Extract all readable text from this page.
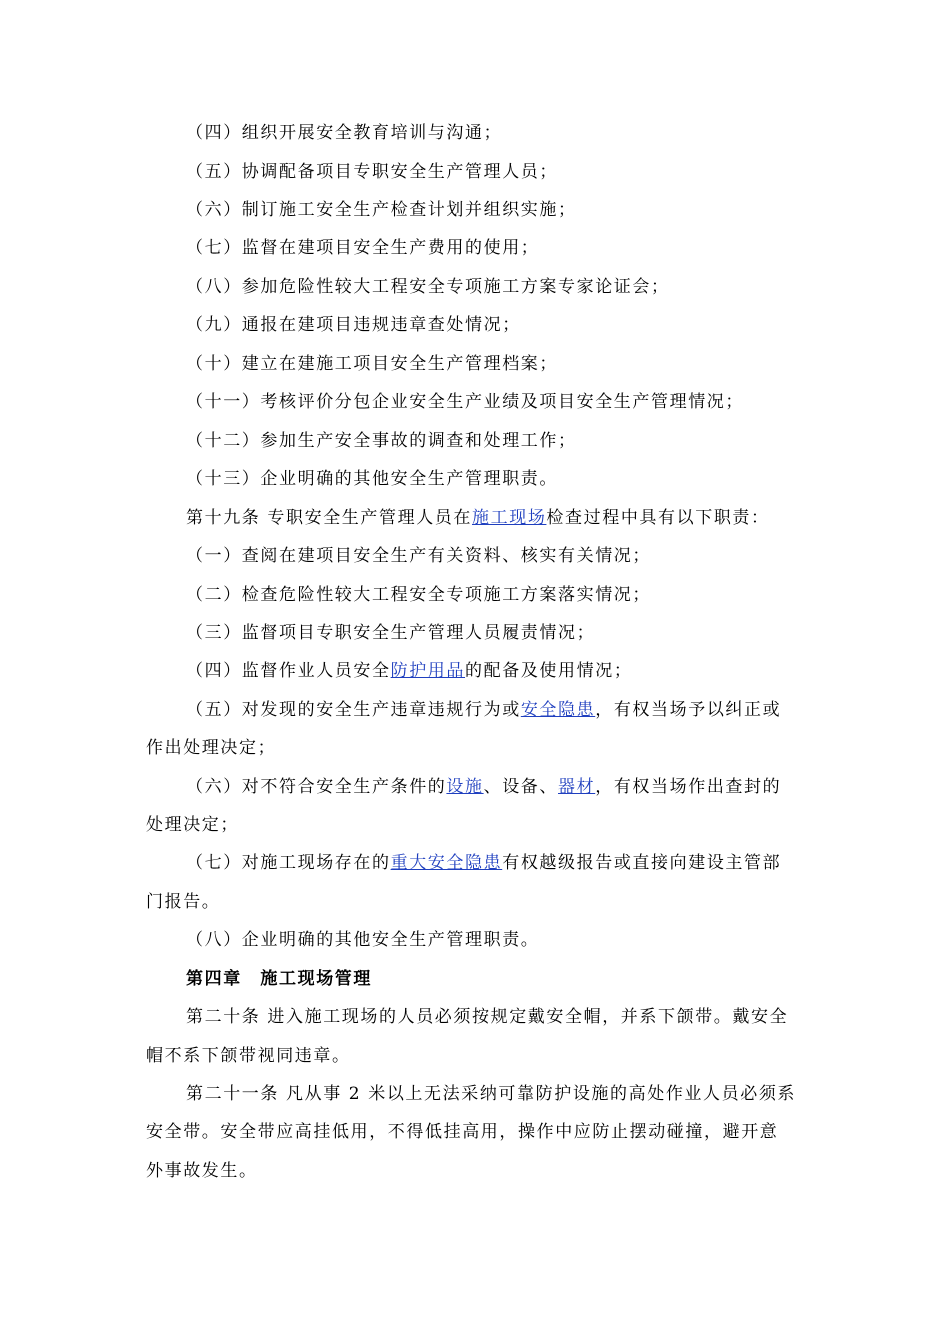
（四）组织开展安全教育培训与沟通；
（五）协调配备项目专职安全生产管理人员；
（六）制订施工安全生产检查计划并组织实施；
（七）监督在建项目安全生产费用的使用；
（八）参加危险性较大工程安全专项施工方案专家论证会；
（九）通报在建项目违规违章查处情况；
（十）建立在建施工项目安全生产管理档案；
（十一）考核评价分包企业安全生产业绩及项目安全生产管理情况；
（十二）参加生产安全事故的调查和处理工作；
（十三）企业明确的其他安全生产管理职责。
第十九条 专职安全生产管理人员在施工现场检查过程中具有以下职责：
（一）查阅在建项目安全生产有关资料、核实有关情况；
（二）检查危险性较大工程安全专项施工方案落实情况；
（三）监督项目专职安全生产管理人员履责情况；
（四）监督作业人员安全防护用品的配备及使用情况；
（五）对发现的安全生产违章违规行为或安全隐患，有权当场予以纠正或
作出处理决定；
（六）对不符合安全生产条件的设施、设备、器材，有权当场作出查封的
处理决定；
（七）对施工现场存在的重大安全隐患有权越级报告或直接向建设主管部
门报告。
（八）企业明确的其他安全生产管理职责。
第四章　施工现场管理
第二十条 进入施工现场的人员必须按规定戴安全帽，并系下颌带。戴安全
帽不系下颌带视同违章。
第二十一条 凡从事 2 米以上无法采纳可靠防护设施的高处作业人员必须系
安全带。安全带应高挂低用，不得低挂高用，操作中应防止摆动碰撞，避开意
外事故发生。
